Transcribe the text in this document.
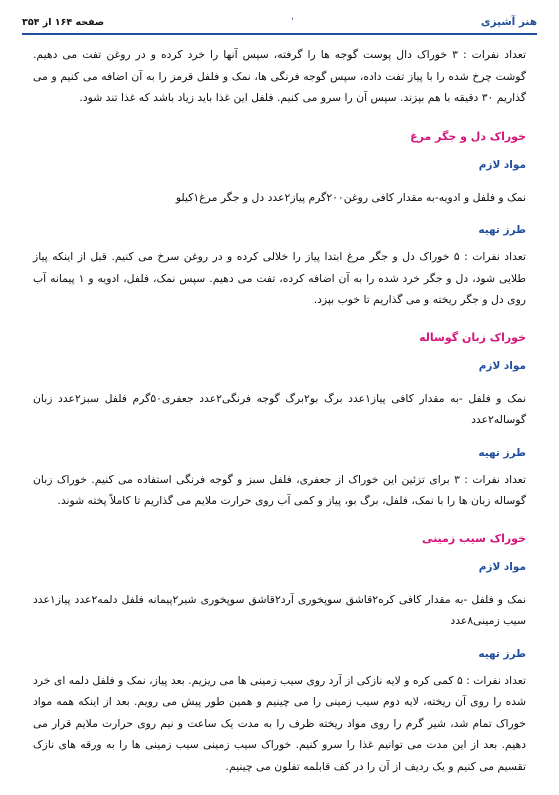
هنر آشپزی
'
صفحه ۱۶۴ از ۳۵۴

تعداد نفرات : ۳ خوراک دال پوست گوجه ها را گرفته، سپس آنها را خرد کرده و در روغن تفت می دهیم. گوشت چرخ شده را با پیاز تفت داده، سپس گوجه فرنگی ها، نمک و فلفل قرمز را به آن اضافه می کنیم و می گذاریم ۳۰ دقیقه با هم بپزند. سپس آن را سرو می کنیم. فلفل این غذا باید زیاد باشد که غذا تند شود.

خوراک دل و جگر مرغ

مواد لازم

نمک و فلفل و ادویه-به مقدار کافی روغن۲۰۰گرم پیاز۲عدد دل و جگر مرغ۱کیلو

طرز تهیه

تعداد نفرات : ۵ خوراک دل و جگر مرغ ابتدا پیاز را خلالی کرده و در روغن سرخ می کنیم. قبل از اینکه پیاز طلایی شود، دل و جگر خرد شده را به آن اضافه کرده، تفت می دهیم. سپس نمک، فلفل، ادویه و ۱ پیمانه آب روی دل و جگر ریخته و می گذاریم تا خوب بپزد.

خوراک زبان گوساله

مواد لازم

نمک و فلفل -به مقدار کافی پیاز۱عدد برگ بو۲برگ گوجه فرنگی۲عدد جعفری۵۰گرم فلفل سبز۲عدد زبان گوساله۲عدد

طرز تهیه

تعداد نفرات : ۳ برای تزئین این خوراک از جعفری، فلفل سبز و گوجه فرنگی استفاده می کنیم. خوراک زبان گوساله زبان ها را با نمک، فلفل، برگ بو، پیاز و کمی آب روی حرارت ملایم می گذاریم تا کاملاً پخته شوند.

خوراک سیب زمینی

مواد لازم

نمک و فلفل -به مقدار کافی کره۲قاشق سوپخوری آرد۲قاشق سوپخوری شیر۲پیمانه فلفل دلمه۲عدد پیاز۱عدد سیب زمینی۸عدد

طرز تهیه

تعداد نفرات : ۵ کمی کره و لایه نازکی از آرد روی سیب زمینی ها می ریزیم. بعد پیاز، نمک و فلفل دلمه ای خرد شده را روی آن ریخته، لایه دوم سیب زمینی را می چینیم و همین طور پیش می رویم. بعد از اینکه همه مواد خوراک تمام شد، شیر گرم را روی مواد ریخته ظرف را به مدت یک ساعت و نیم روی حرارت ملایم قرار می دهیم. بعد از این مدت می توانیم غذا را سرو کنیم. خوراک سیب زمینی سیب زمینی ها را به ورقه های نازک تقسیم می کنیم و یک ردیف از آن را در کف قابلمه تفلون می چینیم.
